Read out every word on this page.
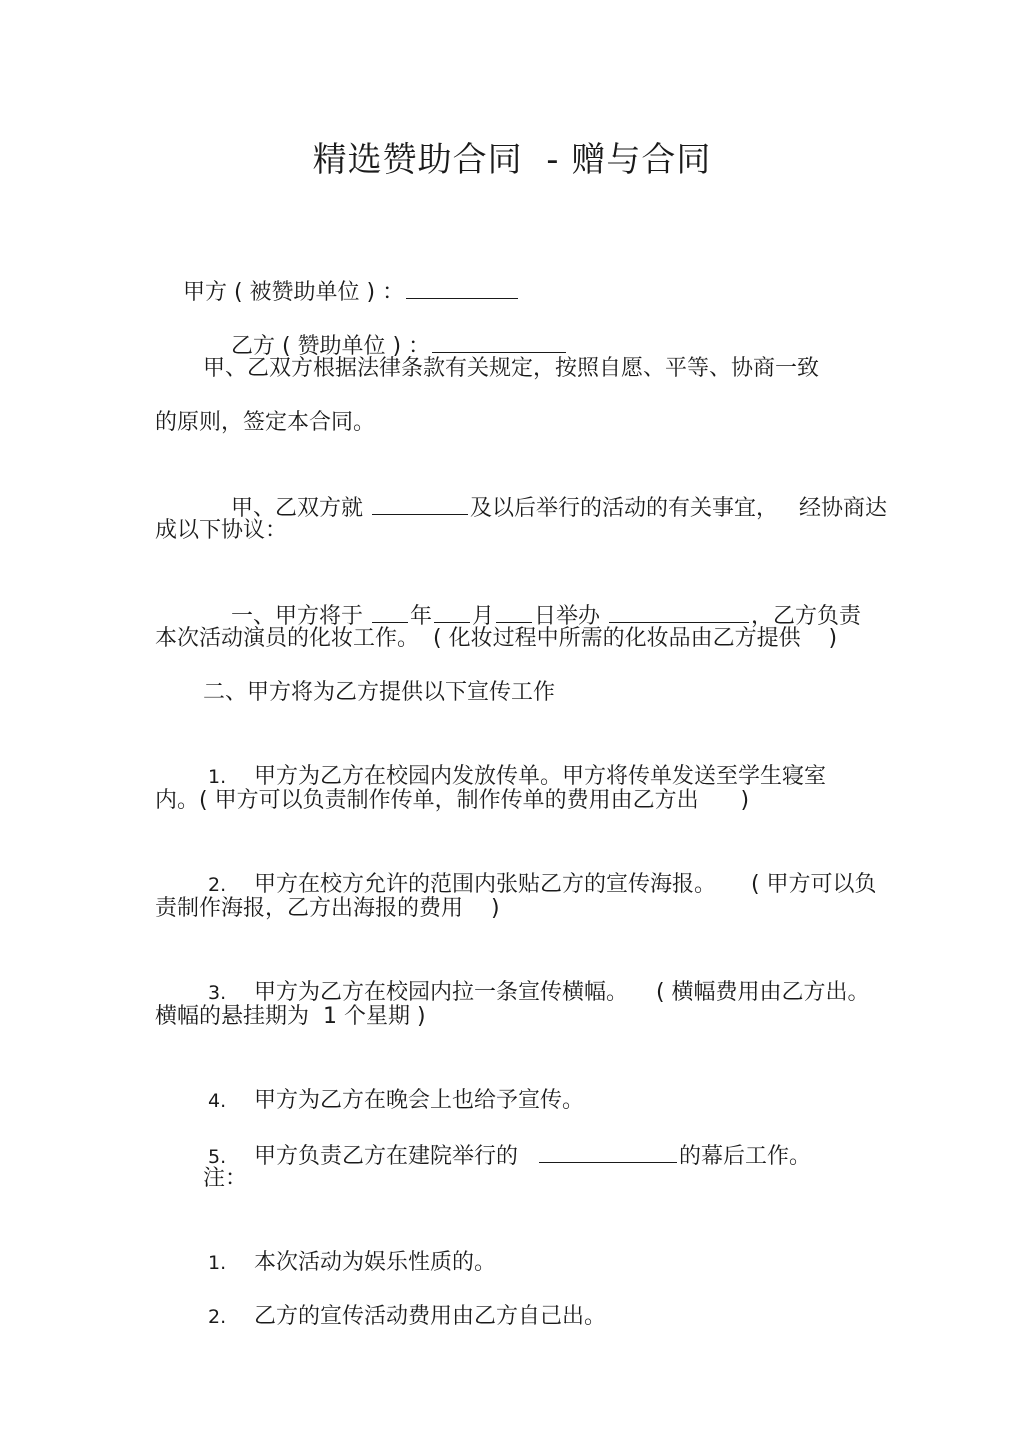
精选赞助合同  - 赠与合同

甲方 ( 被赞助单位 ) ：

乙方 ( 赞助单位 ) ：

甲、乙双方根据法律条款有关规定，按照自愿、平等、协商一致
的原则，签定本合同。

甲、乙双方就	及以后举行的活动的有关事宜，   经协商达

成以下协议：

一、甲方将于 年 月 日举办	，乙方负责

本次活动演员的化妆工作。  ( 化妆过程中所需的化妆品由乙方提供    )
二、甲方将为乙方提供以下宣传工作

1. 甲方为乙方在校园内发放传单。甲方将传单发送至学生寝室

内。( 甲方可以负责制作传单，制作传单的费用由乙方出      )

2. 甲方在校方允许的范围内张贴乙方的宣传海报。     ( 甲方可以负

责制作海报，乙方出海报的费用    )

3. 甲方为乙方在校园内拉一条宣传横幅。    ( 横幅费用由乙方出。

横幅的悬挂期为  1 个星期 )

4. 甲方为乙方在晚会上也给予宣传。

5. 甲方负责乙方在建院举行的	的幕后工作。

注：

1. 本次活动为娱乐性质的。

2. 乙方的宣传活动费用由乙方自己出。
